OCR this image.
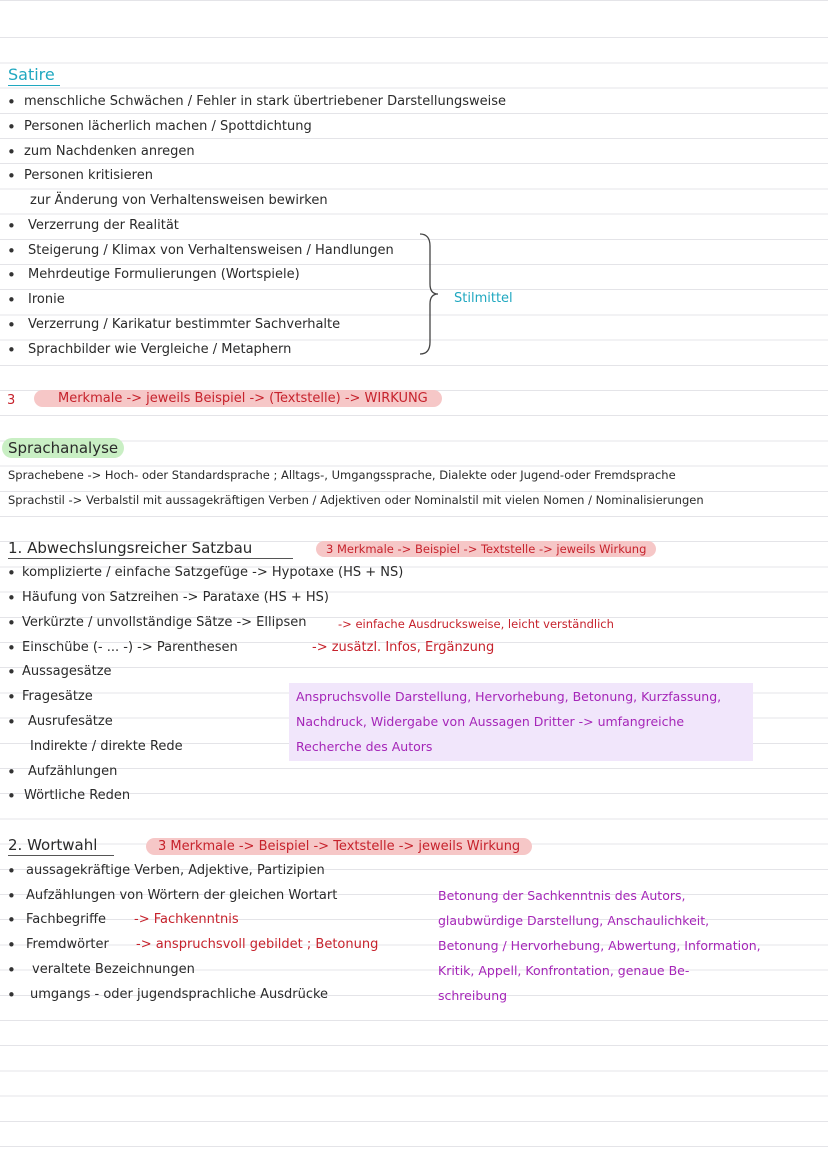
Satire
• menschliche Schwächen / Fehler in stark übertriebener Darstellungsweise
• Personen lächerlich machen / Spottdichtung
• zum Nachdenken anregen
• Personen kritisieren
zur Änderung von Verhaltensweisen bewirken
• Verzerrung der Realität
• Steigerung / Klimax von Verhaltensweisen / Handlungen
• Mehrdeutige Formulierungen (Wortspiele)
• Ironie
• Verzerrung / Karikatur bestimmter Sachverhalte
• Sprachbilder wie Vergleiche / Metaphern
Stilmittel
3	Merkmale -> jeweils Beispiel -> (Textstelle) -> WIRKUNG
Sprachanalyse
Sprachebene -> Hoch- oder Standardsprache ; Alltags-, Umgangssprache, Dialekte oder Jugend-oder Fremdsprache
Sprachstil -> Verbalstil mit aussagekräftigen Verben / Adjektiven oder Nominalstil mit vielen Nomen / Nominalisierungen
1. Abwechslungsreicher Satzbau	3 Merkmale -> Beispiel -> Textstelle -> jeweils Wirkung
• komplizierte / einfache Satzgefüge -> Hypotaxe (HS + NS)
• Häufung von Satzreihen -> Parataxe (HS + HS)
• Verkürzte / unvollständige Sätze -> Ellipsen	-> einfache Ausdrucksweise, leicht verständlich
• Einschübe (- ... -) -> Parenthesen	-> zusätzl. Infos, Ergänzung
• Aussagesätze
• Fragesätze
• Ausrufesätze
Indirekte / direkte Rede
• Aufzählungen
• Wörtliche Reden
Anspruchsvolle Darstellung, Hervorhebung, Betonung, Kurzfassung,
Nachdruck, Widergabe von Aussagen Dritter -> umfangreiche
Recherche des Autors
2. Wortwahl	3 Merkmale -> Beispiel -> Textstelle -> jeweils Wirkung
• aussagekräftige Verben, Adjektive, Partizipien
• Aufzählungen von Wörtern der gleichen Wortart
• Fachbegriffe -> Fachkenntnis
• Fremdwörter -> anspruchsvoll gebildet ; Betonung
• veraltete Bezeichnungen
• umgangs - oder jugendsprachliche Ausdrücke
Betonung der Sachkenntnis des Autors,
glaubwürdige Darstellung, Anschaulichkeit,
Betonung / Hervorhebung, Abwertung, Information,
Kritik, Appell, Konfrontation, genaue Be-
schreibung
